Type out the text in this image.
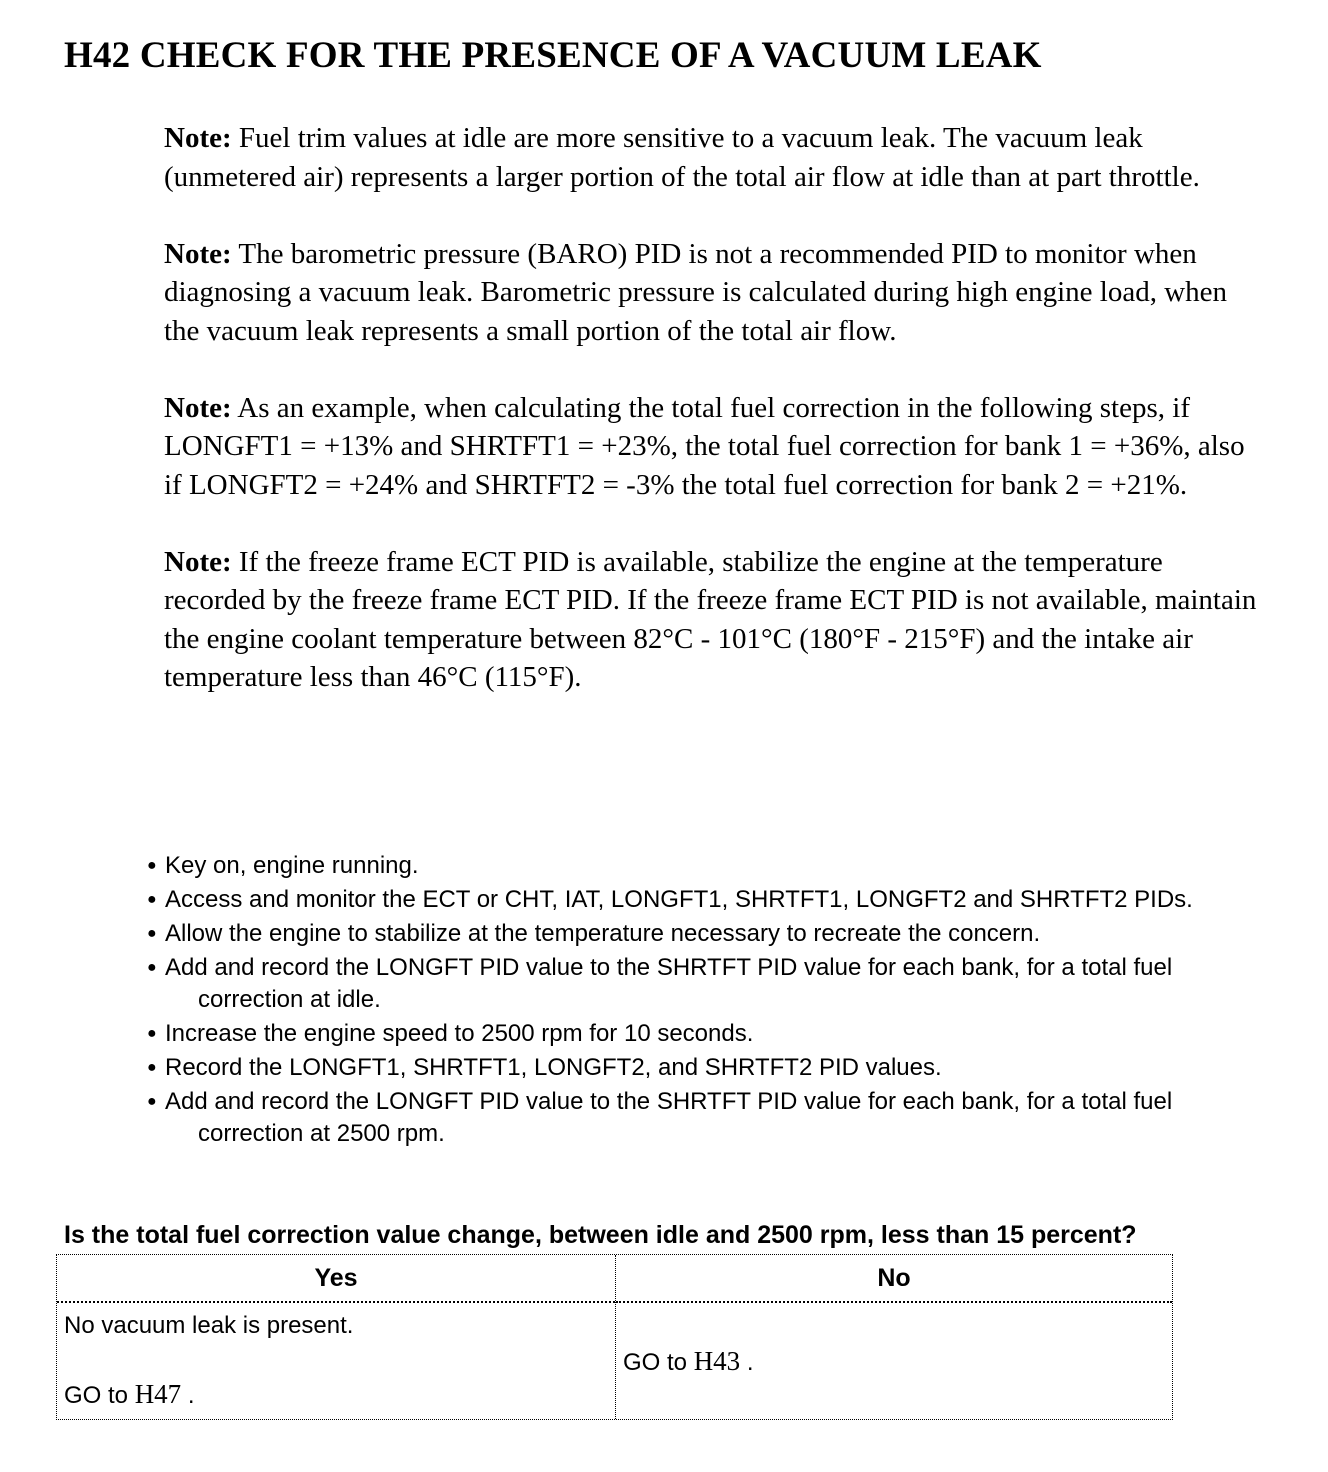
H42 CHECK FOR THE PRESENCE OF A VACUUM LEAK

Note: Fuel trim values at idle are more sensitive to a vacuum leak. The vacuum leak (unmetered air) represents a larger portion of the total air flow at idle than at part throttle.

Note: The barometric pressure (BARO) PID is not a recommended PID to monitor when diagnosing a vacuum leak. Barometric pressure is calculated during high engine load, when the vacuum leak represents a small portion of the total air flow.

Note: As an example, when calculating the total fuel correction in the following steps, if LONGFT1 = +13% and SHRTFT1 = +23%, the total fuel correction for bank 1 = +36%, also if LONGFT2 = +24% and SHRTFT2 = -3% the total fuel correction for bank 2 = +21%.

Note: If the freeze frame ECT PID is available, stabilize the engine at the temperature recorded by the freeze frame ECT PID. If the freeze frame ECT PID is not available, maintain the engine coolant temperature between 82°C - 101°C (180°F - 215°F) and the intake air temperature less than 46°C (115°F).

● Key on, engine running.
● Access and monitor the ECT or CHT, IAT, LONGFT1, SHRTFT1, LONGFT2 and SHRTFT2 PIDs.
● Allow the engine to stabilize at the temperature necessary to recreate the concern.
● Add and record the LONGFT PID value to the SHRTFT PID value for each bank, for a total fuel correction at idle.
● Increase the engine speed to 2500 rpm for 10 seconds.
● Record the LONGFT1, SHRTFT1, LONGFT2, and SHRTFT2 PID values.
● Add and record the LONGFT PID value to the SHRTFT PID value for each bank, for a total fuel correction at 2500 rpm.
Is the total fuel correction value change, between idle and 2500 rpm, less than 15 percent?
Yes
No vacuum leak is present.
GO to H47 .
No
GO to H43 .
